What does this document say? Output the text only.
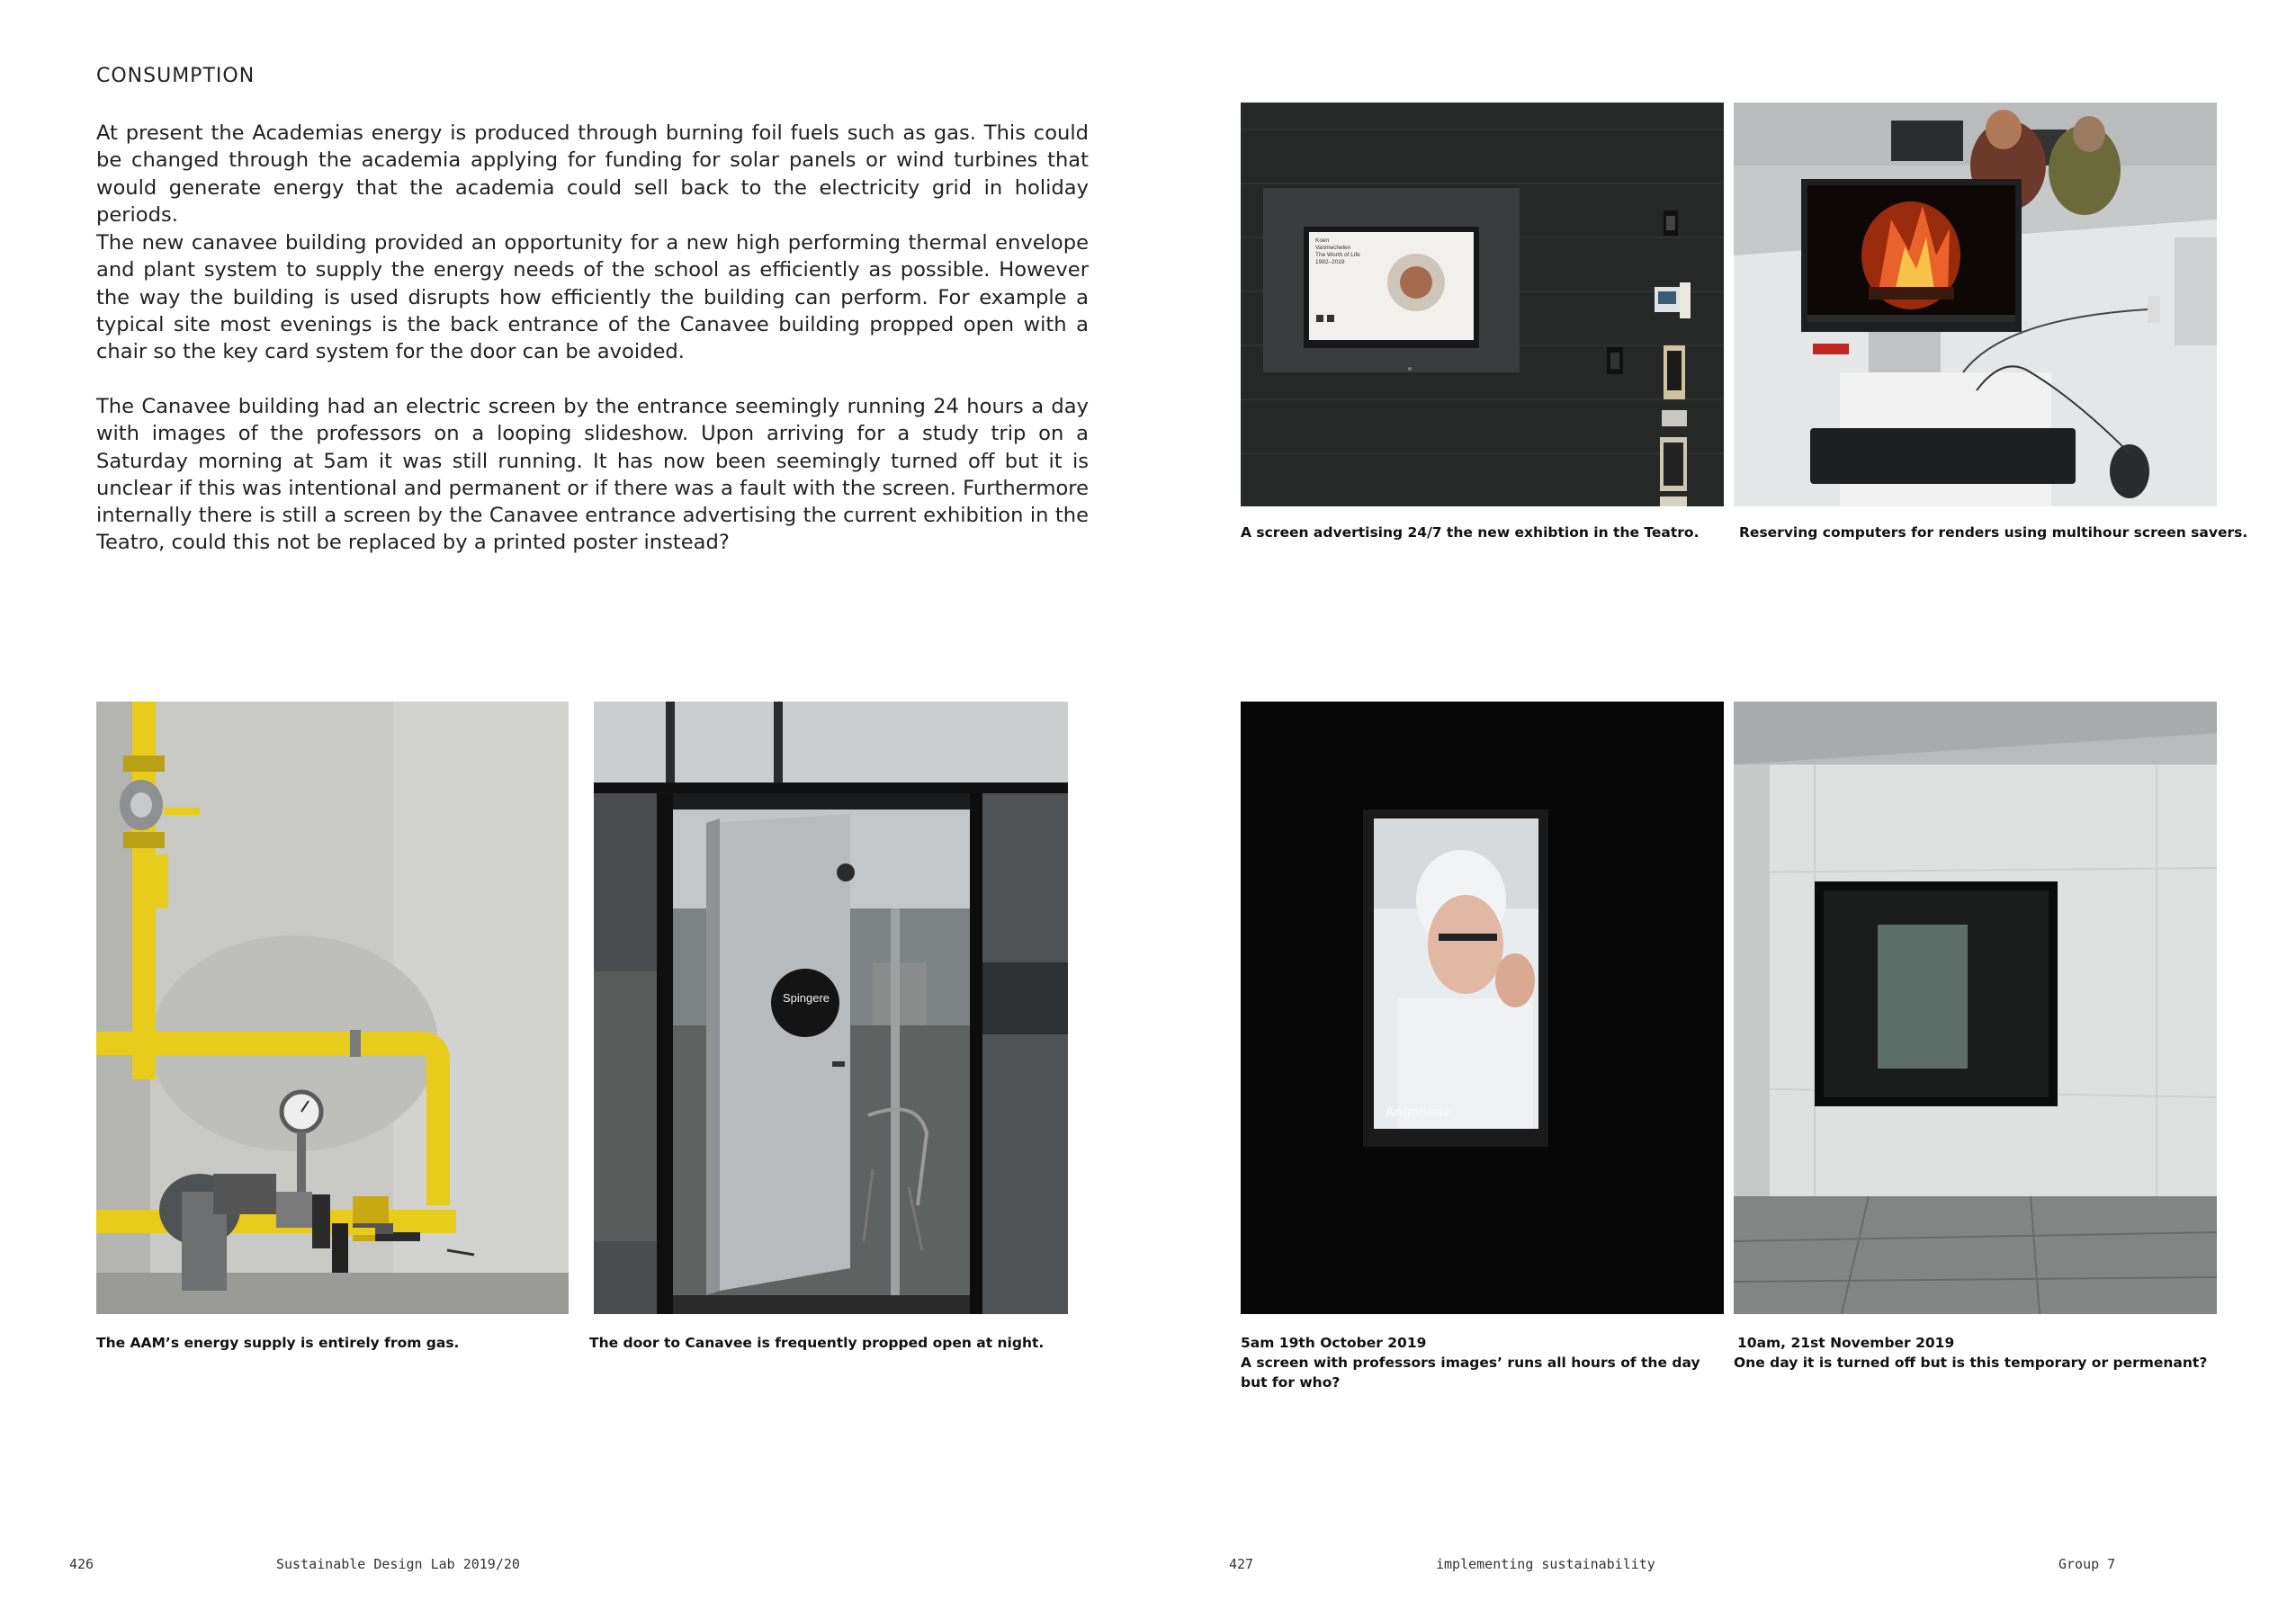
CONSUMPTION
At present the Academias energy is produced through burning foil fuels such as gas. This could be changed through the academia applying for funding for solar panels or wind turbines that would generate energy that the academia could sell back to the electricity grid in holiday periods.
The new canavee building provided an opportunity for a new high performing thermal envelope and plant system to supply the energy needs of the school as efficiently as possible. However the way the building is used disrupts how efficiently the building can perform. For example a typical site most evenings is the back entrance of the Canavee building propped open with a chair so the key card system for the door can be avoided.
The Canavee building had an electric screen by the entrance seemingly running 24 hours a day with images of the professors on a looping slideshow. Upon arriving for a study trip on a Saturday morning at 5am it was still running. It has now been seemingly turned off but it is unclear if this was intentional and permanent or if there was a fault with the screen. Furthermore internally there is still a screen by the Canavee entrance advertising the current exhibition in the Teatro, could this not be replaced by a printed poster instead?
Koen
Vanmechelen
The Worth of Life
1982–2019
A screen advertising 24/7 the new exhibtion in the Teatro.	Reserving computers for renders using multihour screen savers.
Spingere
The AAM’s energy supply is entirely from gas.	The door to Canavee is frequently propped open at night.
Angonoae
5am 19th October 2019
A screen with professors images’ runs all hours of the day but for who?
10am, 21st November 2019
One day it is turned off but is this temporary or permenant?
426	Sustainable Design Lab 2019/20	427	implementing sustainability	Group 7
